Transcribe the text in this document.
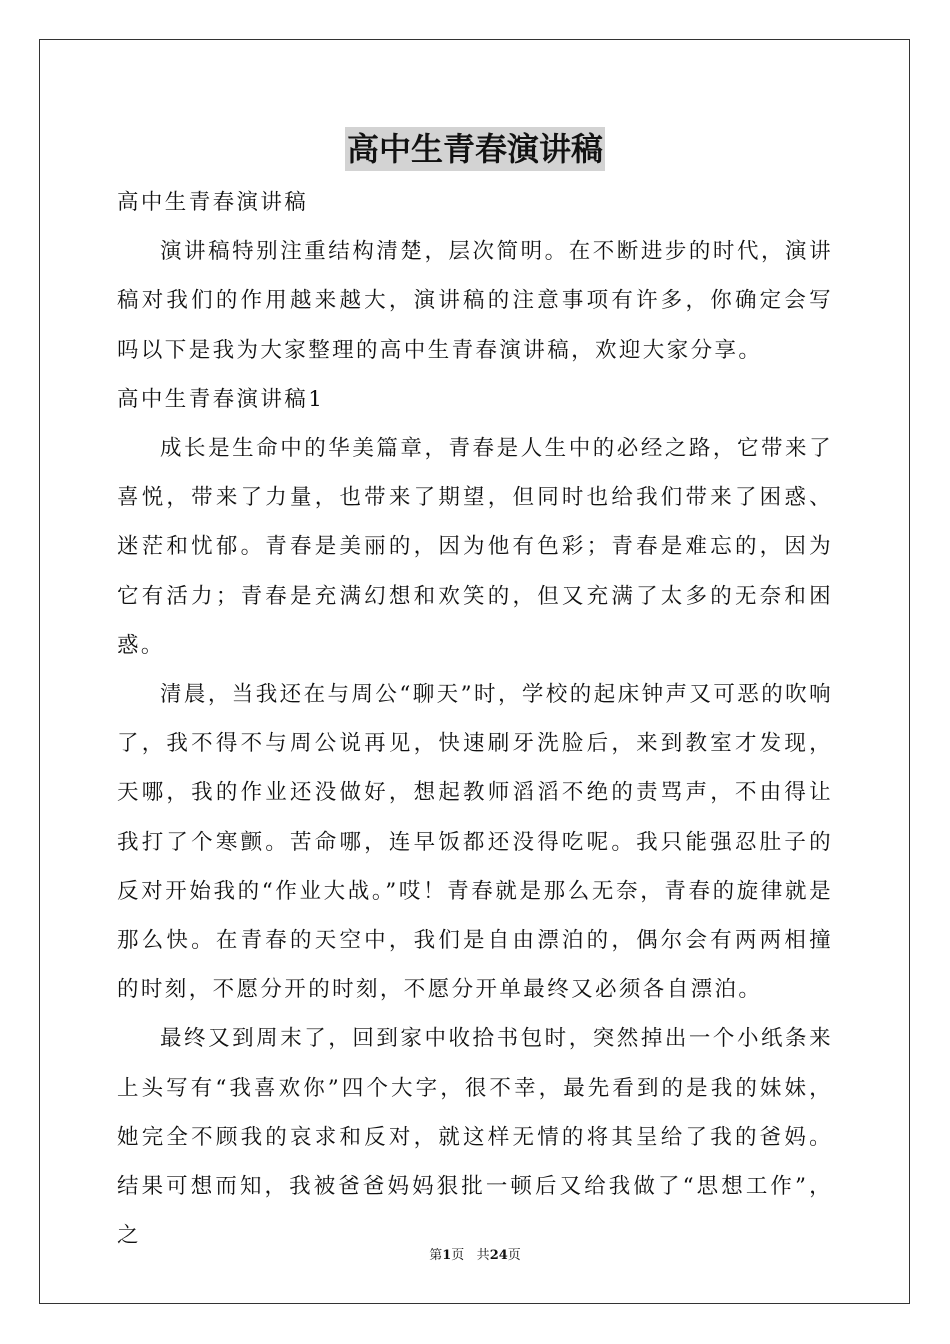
高中生青春演讲稿

高中生青春演讲稿

演讲稿特别注重结构清楚，层次简明。在不断进步的时代，演讲稿对我们的作用越来越大，演讲稿的注意事项有许多，你确定会写吗以下是我为大家整理的高中生青春演讲稿，欢迎大家分享。

高中生青春演讲稿1

成长是生命中的华美篇章，青春是人生中的必经之路，它带来了喜悦，带来了力量，也带来了期望，但同时也给我们带来了困惑、迷茫和忧郁。青春是美丽的，因为他有色彩；青春是难忘的，因为它有活力；青春是充满幻想和欢笑的，但又充满了太多的无奈和困惑。

清晨，当我还在与周公“聊天”时，学校的起床钟声又可恶的吹响了，我不得不与周公说再见，快速刷牙洗脸后，来到教室才发现，天哪，我的作业还没做好，想起教师滔滔不绝的责骂声，不由得让我打了个寒颤。苦命哪，连早饭都还没得吃呢。我只能强忍肚子的反对开始我的“作业大战。”哎！青春就是那么无奈，青春的旋律就是那么快。在青春的天空中，我们是自由漂泊的，偶尔会有两两相撞的时刻，不愿分开的时刻，不愿分开单最终又必须各自漂泊。

最终又到周末了，回到家中收拾书包时，突然掉出一个小纸条来上头写有“我喜欢你”四个大字，很不幸，最先看到的是我的妹妹，她完全不顾我的哀求和反对，就这样无情的将其呈给了我的爸妈。结果可想而知，我被爸爸妈妈狠批一顿后又给我做了“思想工作”，之

第1页 共24页
